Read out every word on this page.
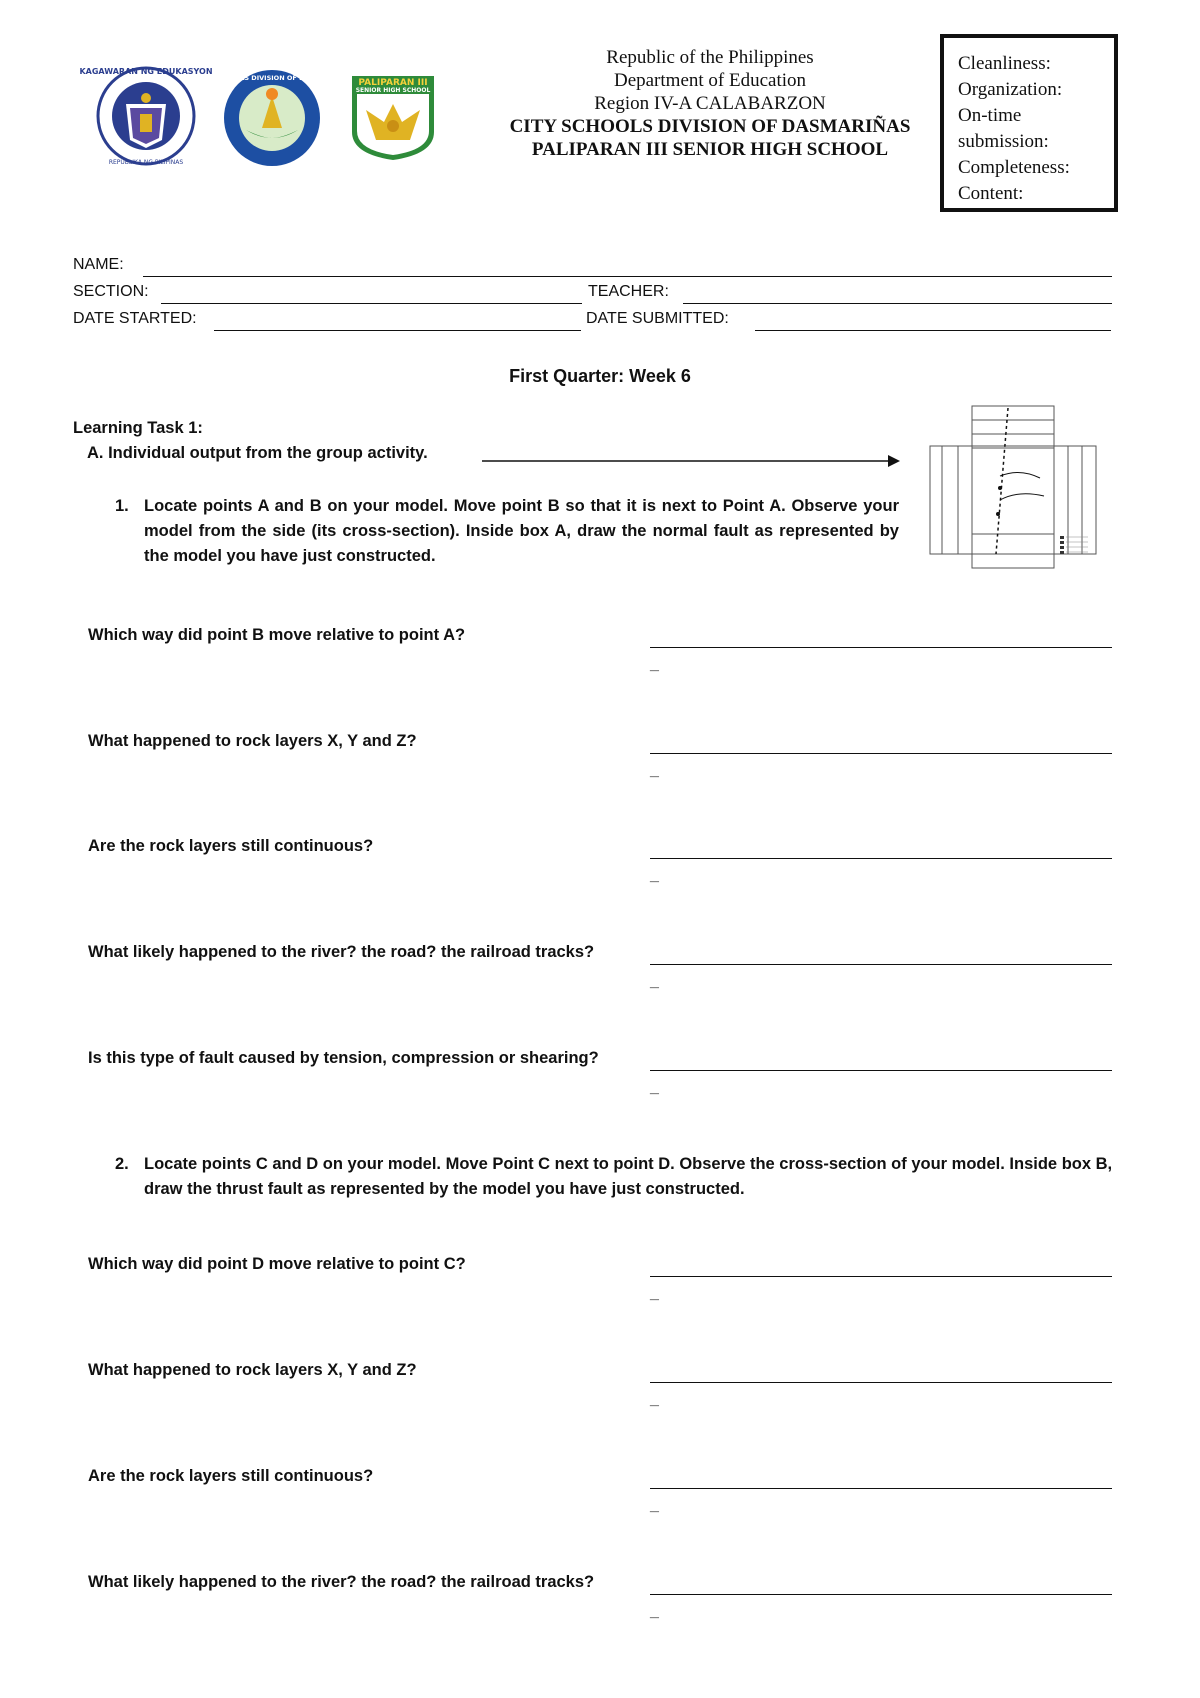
KAGAWARAN NG EDUKASYON
REPUBLIKA NG PILIPINAS
CITY SCHOOLS DIVISION OF DASMARIÑAS PALIPARAN III
SENIOR HIGH SCHOOL
Republic of the Philippines
Department of Education
Region IV-A CALABARZON
CITY SCHOOLS DIVISION OF DASMARIÑAS
PALIPARAN III SENIOR HIGH SCHOOL
Cleanliness:
Organization:
On-time
submission:
Completeness:
Content:
NAME:
SECTION:	TEACHER:
DATE STARTED:	DATE SUBMITTED:
First Quarter: Week 6
Learning Task 1:
A. Individual output from the group activity.
1. Locate points A and B on your model. Move point B so that it is next to Point A. Observe your model from the side (its cross-section). Inside box A, draw the normal fault as represented by the model you have just constructed.
Which way did point B move relative to point A?
_
What happened to rock layers X, Y and Z?
_
Are the rock layers still continuous?
_
What likely happened to the river? the road? the railroad tracks?
_
Is this type of fault caused by tension, compression or shearing?
_
2. Locate points C and D on your model. Move Point C next to point D. Observe the cross-section of your model. Inside box B, draw the thrust fault as represented by the model you have just constructed.
Which way did point D move relative to point C?
_
What happened to rock layers X, Y and Z?
_
Are the rock layers still continuous?
_
What likely happened to the river? the road? the railroad tracks?
_
